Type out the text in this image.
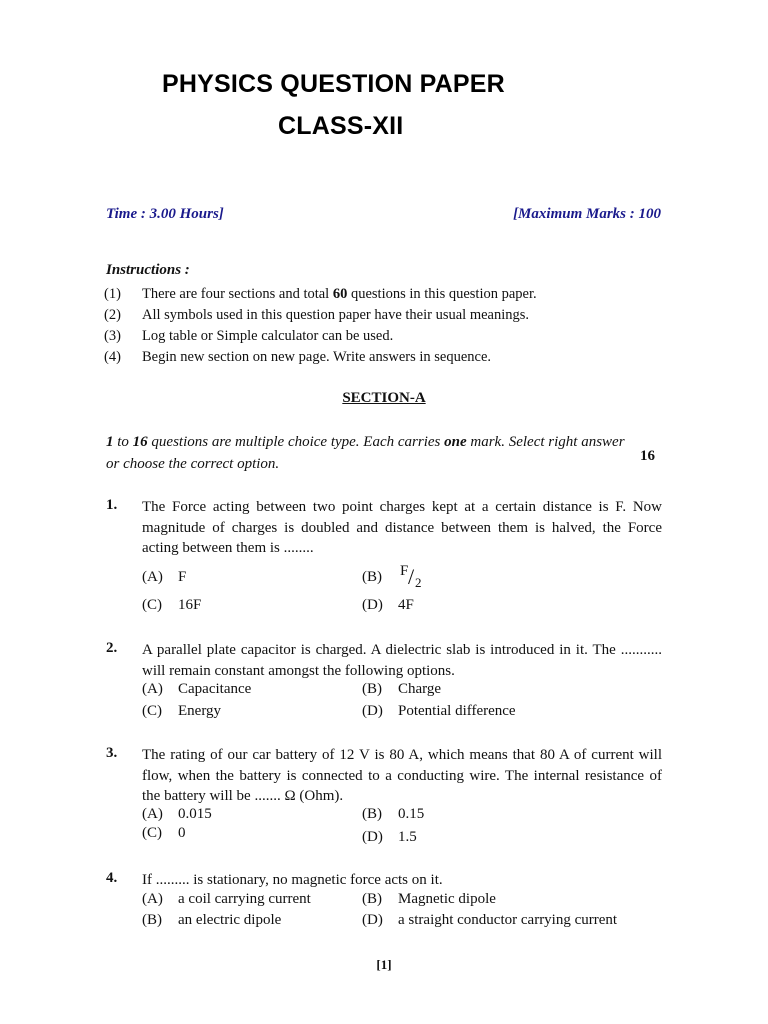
PHYSICS QUESTION PAPER
CLASS-XII
Time : 3.00 Hours]	[Maximum Marks : 100
Instructions :
(1)	There are four sections and total 60 questions in this question paper.
(2)	All symbols used in this question paper have their usual meanings.
(3)	Log table or Simple calculator can be used.
(4)	Begin new section on new page. Write answers in sequence.
SECTION-A
1 to 16 questions are multiple choice type. Each carries one mark. Select right answer or choose the correct option.	16
1. The Force acting between two point charges kept at a certain distance is F. Now magnitude of charges is doubled and distance between them is halved, the Force acting between them is ........
(A)	F	(B)	F / 2
(C)	16F	(D)	4F
2. A parallel plate capacitor is charged. A dielectric slab is introduced in it. The ........... will remain constant amongst the following options.
(A)	Capacitance	(B)	Charge
(C)	Energy	(D)	Potential difference
3. The rating of our car battery of 12 V is 80 A, which means that 80 A of current will flow, when the battery is connected to a conducting wire. The internal resistance of the battery will be ....... Ω (Ohm).
(A)	0.015	(B)	0.15
(C)	0	(D)	1.5
4. If ......... is stationary, no magnetic force acts on it.
(A)	a coil carrying current	(B)	Magnetic dipole
(B)	an electric dipole	(D)	a straight conductor carrying current
[1]
